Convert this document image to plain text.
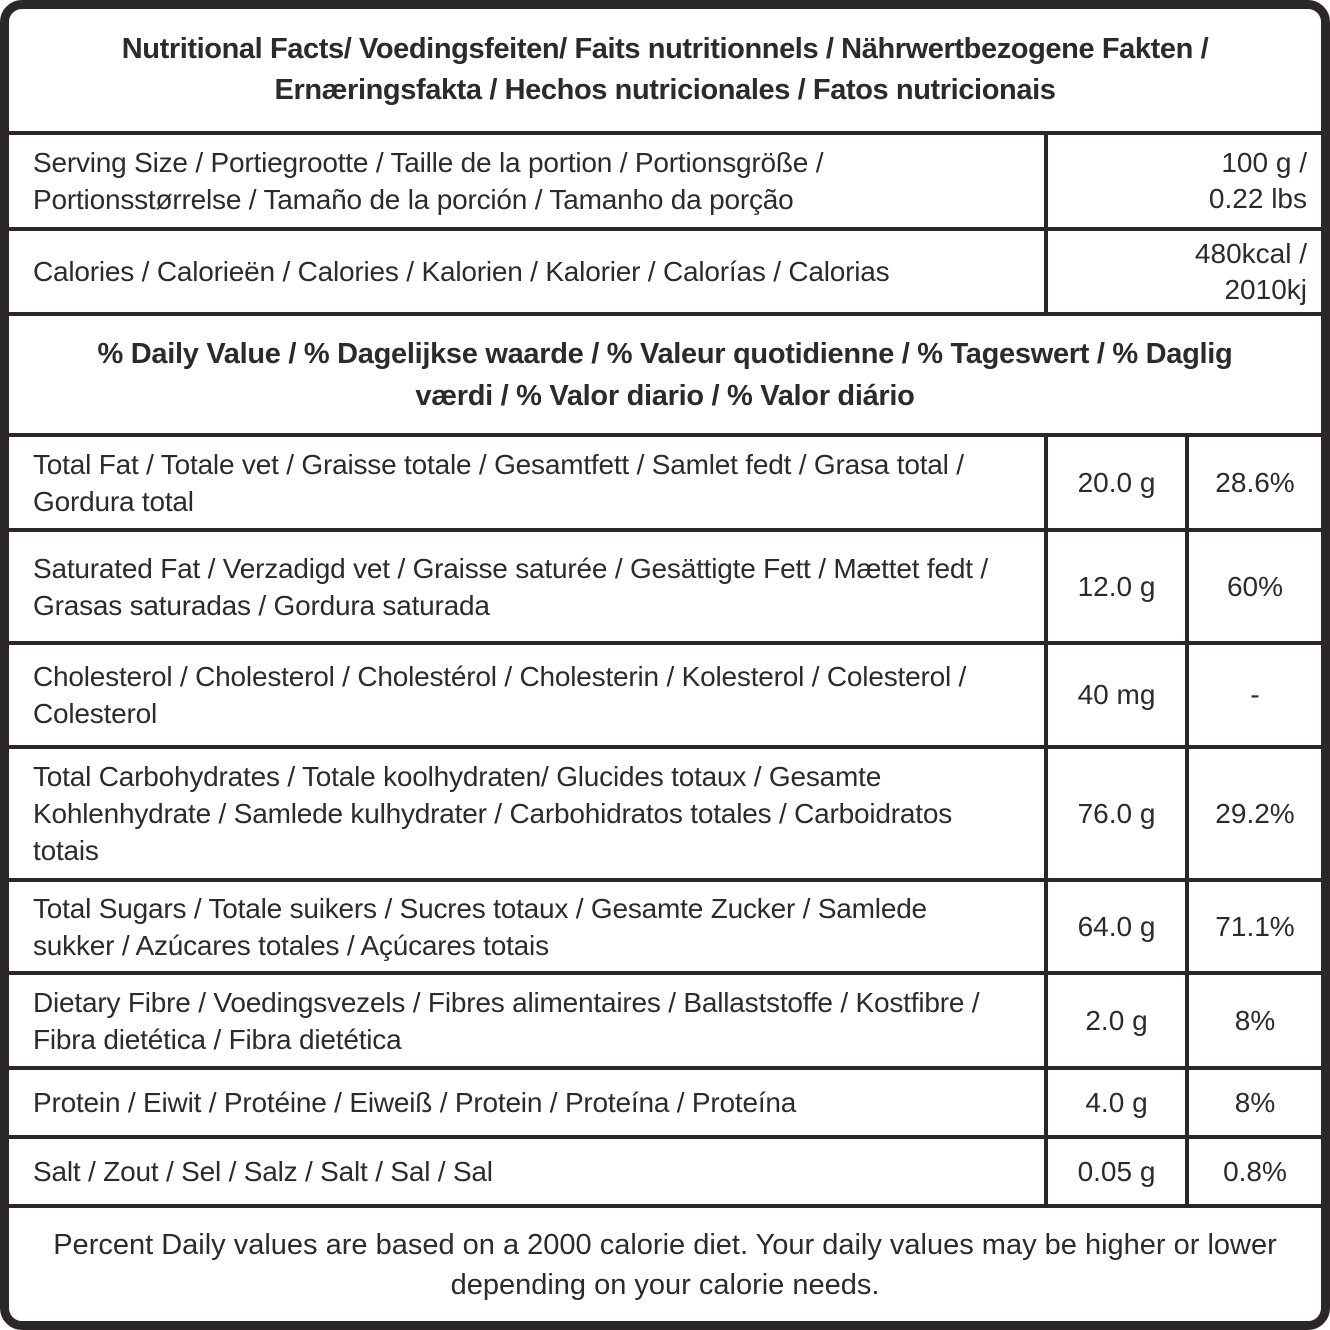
Nutritional Facts/ Voedingsfeiten/ Faits nutritionnels / Nährwertbezogene Fakten / Ernæringsfakta / Hechos nutricionales / Fatos nutricionais
Serving Size / Portiegrootte / Taille de la portion / Portionsgröße / Portionsstørrelse / Tamaño de la porción / Tamanho da porção
100 g /
0.22 lbs
Calories / Calorieën / Calories / Kalorien / Kalorier / Calorías / Calorias
480kcal /
2010kj
% Daily Value / % Dagelijkse waarde / % Valeur quotidienne / % Tageswert / % Daglig værdi / % Valor diario / % Valor diário
Total Fat / Totale vet / Graisse totale / Gesamtfett / Samlet fedt / Grasa total / Gordura total
20.0 g	28.6%
Saturated Fat / Verzadigd vet / Graisse saturée / Gesättigte Fett / Mættet fedt / Grasas saturadas / Gordura saturada
12.0 g	60%
Cholesterol / Cholesterol / Cholestérol / Cholesterin / Kolesterol / Colesterol / Colesterol
40 mg	-
Total Carbohydrates / Totale koolhydraten/ Glucides totaux / Gesamte Kohlenhydrate / Samlede kulhydrater / Carbohidratos totales / Carboidratos totais
76.0 g	29.2%
Total Sugars / Totale suikers / Sucres totaux / Gesamte Zucker / Samlede sukker / Azúcares totales / Açúcares totais
64.0 g	71.1%
Dietary Fibre / Voedingsvezels / Fibres alimentaires / Ballaststoffe / Kostfibre / Fibra dietética / Fibra dietética
2.0 g	8%
Protein / Eiwit / Protéine / Eiweiß / Protein / Proteína / Proteína	4.0 g	8%
Salt / Zout / Sel / Salz / Salt / Sal / Sal	0.05 g	0.8%
Percent Daily values are based on a 2000 calorie diet. Your daily values may be higher or lower depending on your calorie needs.
